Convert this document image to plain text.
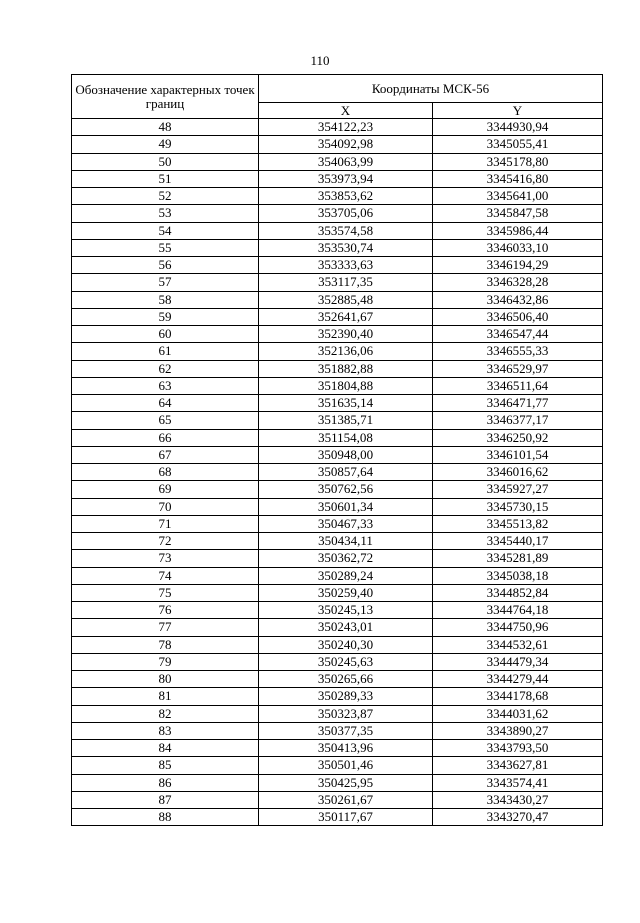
110
Обозначение характерных точек границ	Координаты МСК-56	
	X	Y
48	354122,23	3344930,94
49	354092,98	3345055,41
50	354063,99	3345178,80
51	353973,94	3345416,80
52	353853,62	3345641,00
53	353705,06	3345847,58
54	353574,58	3345986,44
55	353530,74	3346033,10
56	353333,63	3346194,29
57	353117,35	3346328,28
58	352885,48	3346432,86
59	352641,67	3346506,40
60	352390,40	3346547,44
61	352136,06	3346555,33
62	351882,88	3346529,97
63	351804,88	3346511,64
64	351635,14	3346471,77
65	351385,71	3346377,17
66	351154,08	3346250,92
67	350948,00	3346101,54
68	350857,64	3346016,62
69	350762,56	3345927,27
70	350601,34	3345730,15
71	350467,33	3345513,82
72	350434,11	3345440,17
73	350362,72	3345281,89
74	350289,24	3345038,18
75	350259,40	3344852,84
76	350245,13	3344764,18
77	350243,01	3344750,96
78	350240,30	3344532,61
79	350245,63	3344479,34
80	350265,66	3344279,44
81	350289,33	3344178,68
82	350323,87	3344031,62
83	350377,35	3343890,27
84	350413,96	3343793,50
85	350501,46	3343627,81
86	350425,95	3343574,41
87	350261,67	3343430,27
88	350117,67	3343270,47
